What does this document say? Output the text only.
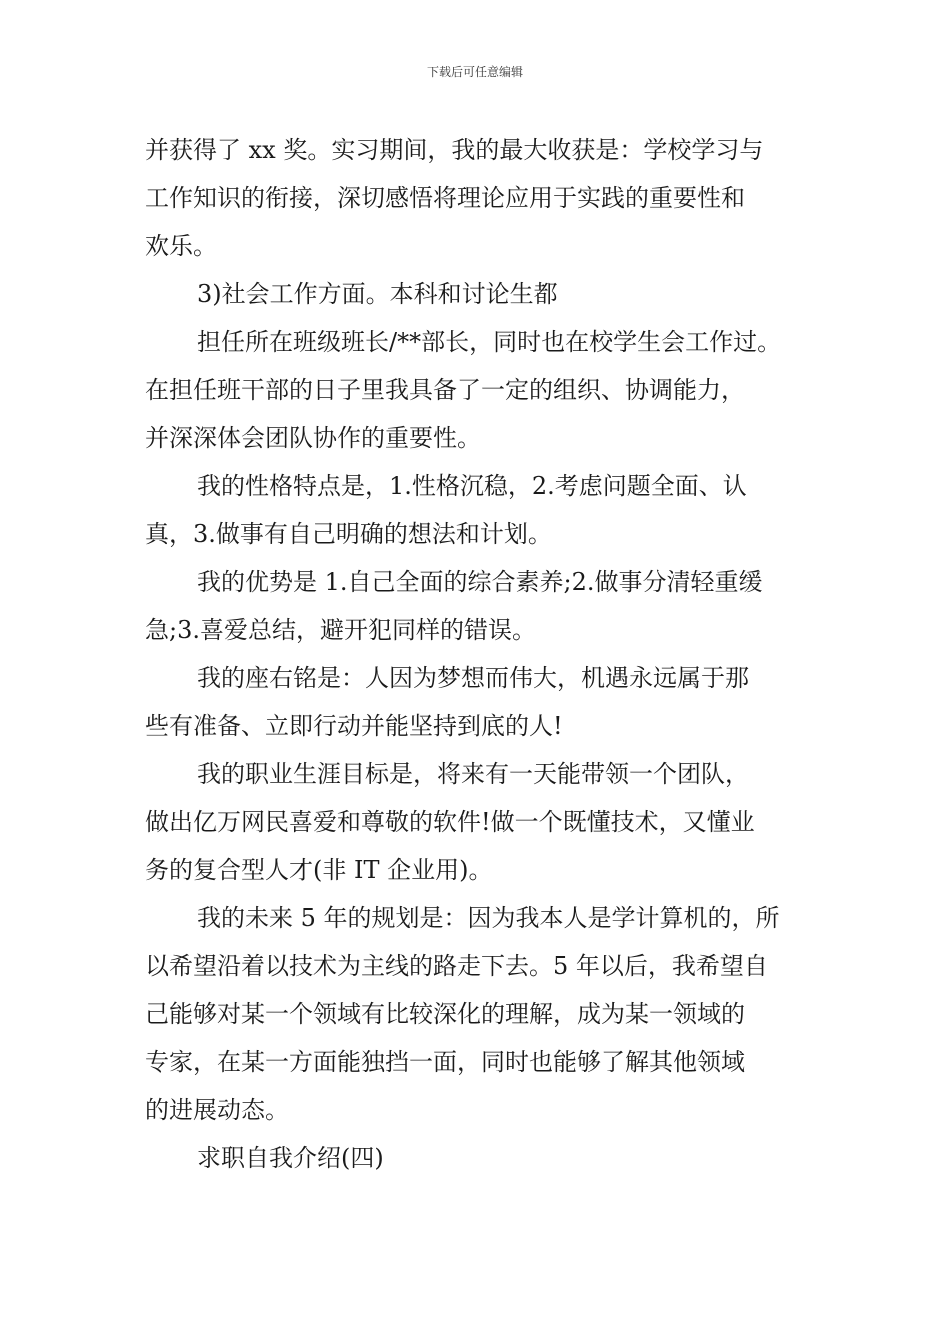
下载后可任意编辑

并获得了 xx 奖。实习期间，我的最大收获是：学校学习与
工作知识的衔接，深切感悟将理论应用于实践的重要性和
欢乐。

3)社会工作方面。本科和讨论生都

担任所在班级班长/**部长，同时也在校学生会工作过。
在担任班干部的日子里我具备了一定的组织、协调能力，
并深深体会团队协作的重要性。

我的性格特点是，1.性格沉稳，2.考虑问题全面、认
真，3.做事有自己明确的想法和计划。

我的优势是 1.自己全面的综合素养;2.做事分清轻重缓
急;3.喜爱总结，避开犯同样的错误。

我的座右铭是：人因为梦想而伟大，机遇永远属于那
些有准备、立即行动并能坚持到底的人!

我的职业生涯目标是，将来有一天能带领一个团队，
做出亿万网民喜爱和尊敬的软件!做一个既懂技术，又懂业
务的复合型人才(非 IT 企业用)。

我的未来 5 年的规划是：因为我本人是学计算机的，所
以希望沿着以技术为主线的路走下去。5 年以后，我希望自
己能够对某一个领域有比较深化的理解，成为某一领域的
专家，在某一方面能独挡一面，同时也能够了解其他领域
的进展动态。

求职自我介绍(四)
